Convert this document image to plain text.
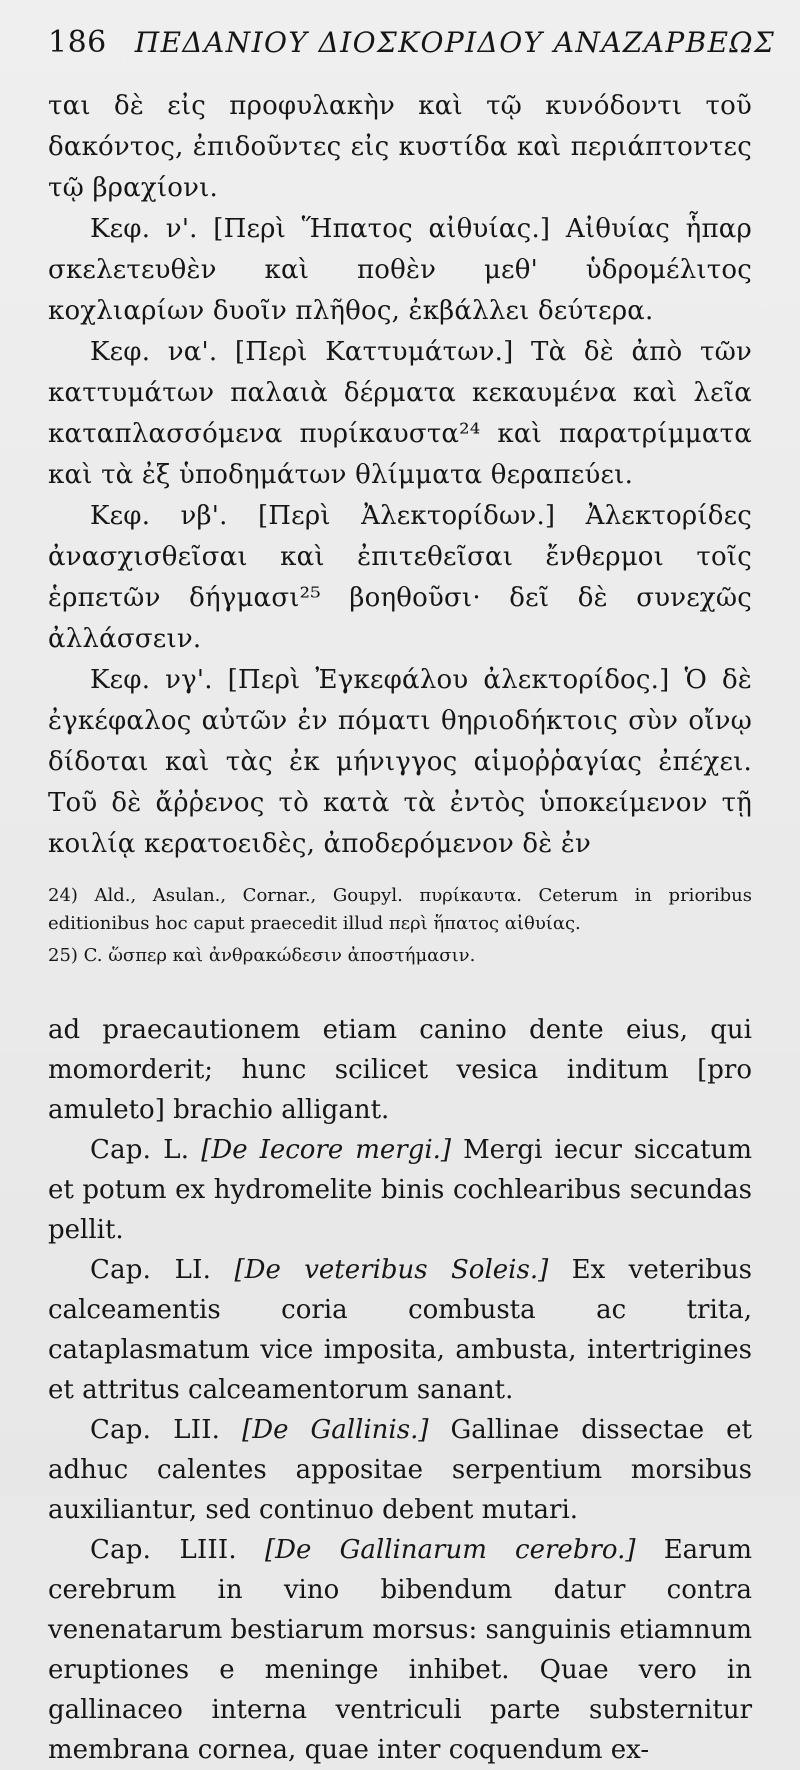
186 ΠΕΔΑΝΙΟΥ ΔΙΟΣΚΟΡΙΔΟΥ ΑΝΑΖΑΡΒΕΩΣ

ται δὲ εἰς προφυλακὴν καὶ τῷ κυνόδοντι τοῦ δακόντος, ἐπιδοῦντες εἰς κυστίδα καὶ περιάπτοντες τῷ βραχίονι.

Κεφ. ν'. [Περὶ Ἥπατος αἰθυίας.] Αἰθυίας ἧπαρ σκελετευθὲν καὶ ποθὲν μεθ' ὑδρομέλιτος κοχλιαρίων δυοῖν πλῆθος, ἐκβάλλει δεύτερα.

Κεφ. να'. [Περὶ Καττυμάτων.] Τὰ δὲ ἀπὸ τῶν καττυμάτων παλαιὰ δέρματα κεκαυμένα καὶ λεῖα καταπλασσόμενα πυρίκαυστα²⁴ καὶ παρατρίμματα καὶ τὰ ἐξ ὑποδημάτων θλίμματα θεραπεύει.

Κεφ. νβ'. [Περὶ Ἀλεκτορίδων.] Ἀλεκτορίδες ἀνασχισθεῖσαι καὶ ἐπιτεθεῖσαι ἔνθερμοι τοῖς ἑρπετῶν δήγμασι²⁵ βοηθοῦσι· δεῖ δὲ συνεχῶς ἀλλάσσειν.

Κεφ. νγ'. [Περὶ Ἐγκεφάλου ἀλεκτορίδος.] Ὁ δὲ ἐγκέφαλος αὐτῶν ἐν πόματι θηριοδήκτοις σὺν οἴνῳ δίδοται καὶ τὰς ἐκ μήνιγγος αἱμοῤῥαγίας ἐπέχει. Τοῦ δὲ ἄῤῥενος τὸ κατὰ τὰ ἐντὸς ὑποκείμενον τῇ κοιλίᾳ κερατοειδὲς, ἀποδερόμενον δὲ ἐν

24) Ald., Asulan., Cornar., Goupyl. πυρίκαυτα. Ceterum in prioribus editionibus hoc caput praecedit illud περὶ ἥπατος αἰθυίας.

25) C. ὥσπερ καὶ ἀνθρακώδεσιν ἀποστήμασιν.

ad praecautionem etiam canino dente eius, qui momorderit; hunc scilicet vesica inditum [pro amuleto] brachio alligant.

Cap. L. [De Iecore mergi.] Mergi iecur siccatum et potum ex hydromelite binis cochlearibus secundas pellit.

Cap. LI. [De veteribus Soleis.] Ex veteribus calceamentis coria combusta ac trita, cataplasmatum vice imposita, ambusta, intertrigines et attritus calceamentorum sanant.

Cap. LII. [De Gallinis.] Gallinae dissectae et adhuc calentes appositae serpentium morsibus auxiliantur, sed continuo debent mutari.

Cap. LIII. [De Gallinarum cerebro.] Earum cerebrum in vino bibendum datur contra venenatarum bestiarum morsus: sanguinis etiamnum eruptiones e meninge inhibet. Quae vero in gallinaceo interna ventriculi parte substernitur membrana cornea, quae inter coquendum ex-
